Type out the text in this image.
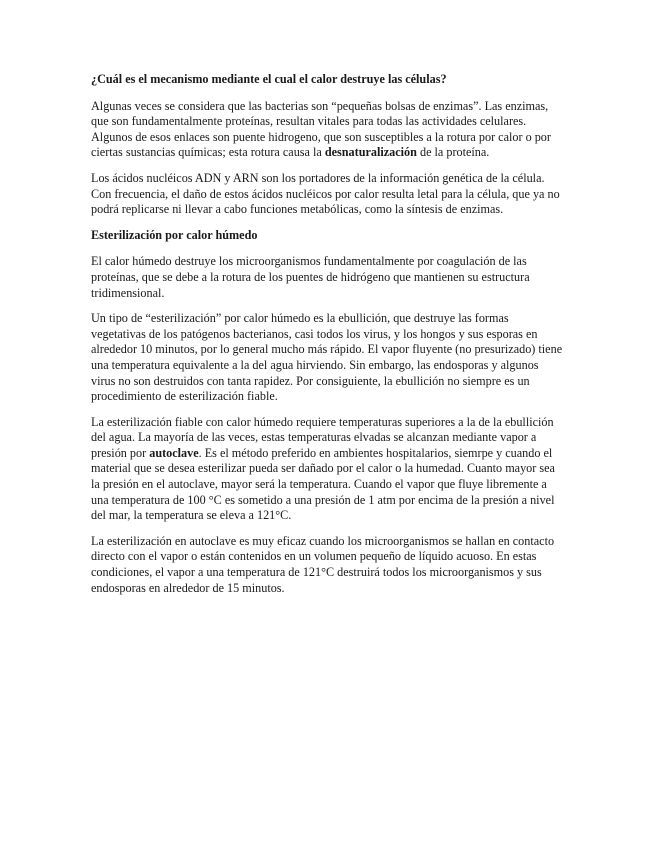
¿Cuál es el mecanismo mediante el cual el calor destruye las células?

Algunas veces se considera que las bacterias son “pequeñas bolsas de enzimas”. Las enzimas, que son fundamentalmente proteínas, resultan vitales para todas las actividades celulares. Algunos de esos enlaces son puente hidrogeno, que son susceptibles a la rotura por calor o por ciertas sustancias químicas; esta rotura causa la desnaturalización de la proteína.

Los ácidos nucléicos ADN y ARN son los portadores de la información genética de la célula. Con frecuencia, el daño de estos ácidos nucléicos por calor resulta letal para la célula, que ya no podrá replicarse ni llevar a cabo funciones metabólicas, como la síntesis de enzimas.

Esterilización por calor húmedo

El calor húmedo destruye los microorganismos fundamentalmente por coagulación de las proteínas, que se debe a la rotura de los puentes de hidrógeno que mantienen su estructura tridimensional.

Un tipo de “esterilización” por calor húmedo es la ebullición, que destruye las formas vegetativas de los patógenos bacterianos, casi todos los virus, y los hongos y sus esporas en alrededor 10 minutos, por lo general mucho más rápido. El vapor fluyente (no presurizado) tiene una temperatura equivalente a la del agua hirviendo. Sin embargo, las endosporas y algunos virus no son destruidos con tanta rapidez. Por consiguiente, la ebullición no siempre es un procedimiento de esterilización fiable.

La esterilización fiable con calor húmedo requiere temperaturas superiores a la de la ebullición del agua. La mayoría de las veces, estas temperaturas elvadas se alcanzan mediante vapor a presión por autoclave. Es el método preferido en ambientes hospitalarios, siemrpe y cuando el material que se desea esterilizar pueda ser dañado por el calor o la humedad. Cuanto mayor sea la presión en el autoclave, mayor será la temperatura. Cuando el vapor que fluye libremente a una temperatura de 100 °C es sometido a una presión de 1 atm por encima de la presión a nivel del mar, la temperatura se eleva a 121°C.

La esterilización en autoclave es muy eficaz cuando los microorganismos se hallan en contacto directo con el vapor o están contenidos en un volumen pequeño de líquido acuoso. En estas condiciones, el vapor a una temperatura de 121°C destruirá todos los microorganismos y sus endosporas en alrededor de 15 minutos.
